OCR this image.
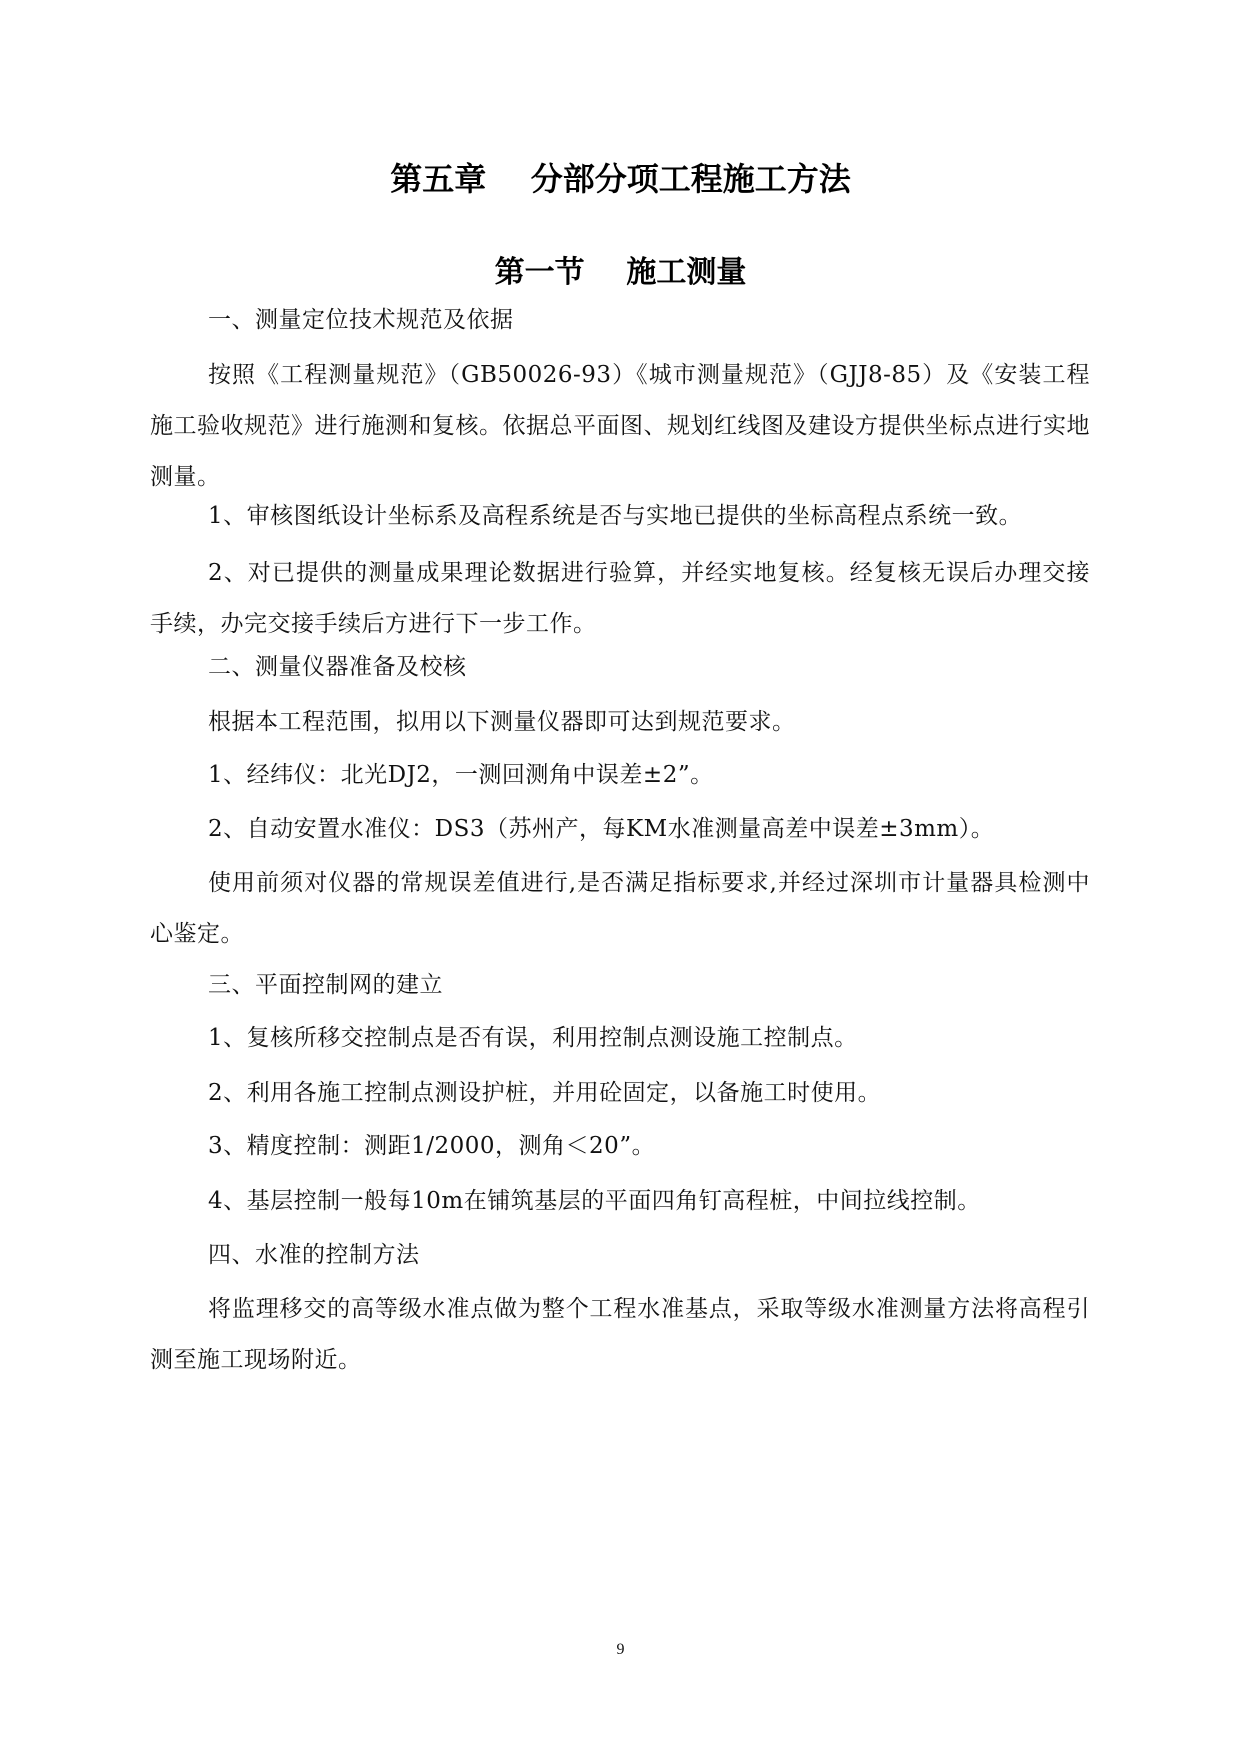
第五章    分部分项工程施工方法
第一节    施工测量

一、测量定位技术规范及依据

按照《工程测量规范》（GB50026-93）《城市测量规范》（GJJ8-85）及《安装工程施工验收规范》进行施测和复核。依据总平面图、规划红线图及建设方提供坐标点进行实地测量。

1、审核图纸设计坐标系及高程系统是否与实地已提供的坐标高程点系统一致。

2、对已提供的测量成果理论数据进行验算，并经实地复核。经复核无误后办理交接手续，办完交接手续后方进行下一步工作。

二、测量仪器准备及校核

根据本工程范围，拟用以下测量仪器即可达到规范要求。

1、经纬仪：北光DJ2，一测回测角中误差±2”。

2、自动安置水准仪：DS3（苏州产，每KM水准测量高差中误差±3mm）。

使用前须对仪器的常规误差值进行,是否满足指标要求,并经过深圳市计量器具检测中心鉴定。

三、平面控制网的建立

1、复核所移交控制点是否有误，利用控制点测设施工控制点。

2、利用各施工控制点测设护桩，并用砼固定，以备施工时使用。

3、精度控制：测距1/2000，测角＜20”。

4、基层控制一般每10m在铺筑基层的平面四角钉高程桩，中间拉线控制。

四、水准的控制方法

将监理移交的高等级水准点做为整个工程水准基点，采取等级水准测量方法将高程引测至施工现场附近。

9
